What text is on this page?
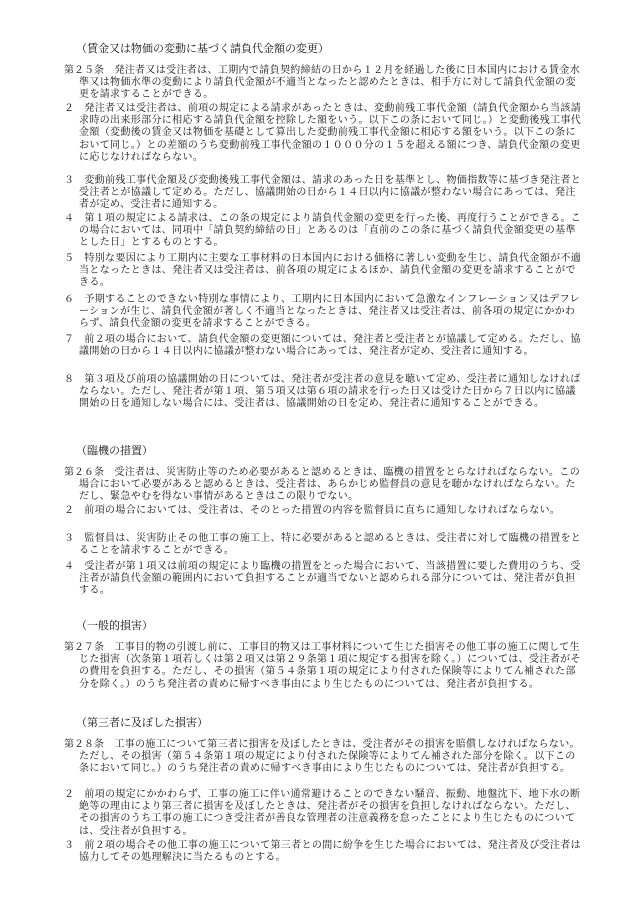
（賃金又は物価の変動に基づく請負代金額の変更）
第２５条　 発注者又は受注者は、工期内で請負契約締結の日から１２月を経過した後に日本国内における賃金水準又は物価水準の変動により請負代金額が不適当となったと認めたときは、相手方に対して請負代金額の変更を請求することができる。
２　 発注者又は受注者は、前項の規定による請求があったときは、変動前残工事代金額（請負代金額から当該請求時の出来形部分に相応する請負代金額を控除した額をいう。以下この条において同じ。）と変動後残工事代金額（変動後の賃金又は物価を基礎として算出した変動前残工事代金額に相応する額をいう。以下この条において同じ。）との差額のうち変動前残工事代金額の１０００分の１５を超える額につき、請負代金額の変更に応じなければならない。
３　 変動前残工事代金額及び変動後残工事代金額は、請求のあった日を基準とし、物価指数等に基づき発注者と受注者とが協議して定める。ただし、協議開始の日から１４日以内に協議が整わない場合にあっては、発注者が定め、受注者に通知する。
４　 第１項の規定による請求は、この条の規定により請負代金額の変更を行った後、再度行うことができる。この場合においては、同項中「請負契約締結の日」とあるのは「直前のこの条に基づく請負代金額変更の基準とした日」とするものとする。
５　 特別な要因により工期内に主要な工事材料の日本国内における価格に著しい変動を生じ、請負代金額が不適当となったときは、発注者又は受注者は、前各項の規定によるほか、請負代金額の変更を請求することができる。
６　 予期することのできない特別な事情により、工期内に日本国内において急激なインフレーション又はデフレーションが生じ、請負代金額が著しく不適当となったときは、発注者又は受注者は、前各項の規定にかかわらず、請負代金額の変更を請求することができる。
７　 前２項の場合において、請負代金額の変更額については、発注者と受注者とが協議して定める。ただし、協議開始の日から１４日以内に協議が整わない場合にあっては、発注者が定め、受注者に通知する。
８　 第３項及び前項の協議開始の日については、発注者が受注者の意見を聴いて定め、受注者に通知しなければならない。ただし、発注者が第１項、第５項又は第６項の請求を行った日又は受けた日から７日以内に協議開始の日を通知しない場合には、受注者は、協議開始の日を定め、発注者に通知することができる。
（臨機の措置）
第２６条　 受注者は、災害防止等のため必要があると認めるときは、臨機の措置をとらなければならない。この場合において必要があると認めるときは、受注者は、あらかじめ監督員の意見を聴かなければならない。ただし、緊急やむを得ない事情があるときはこの限りでない。
２　 前項の場合においては、受注者は、そのとった措置の内容を監督員に直ちに通知しなければならない。
３　 監督員は、災害防止その他工事の施工上、特に必要があると認めるときは、受注者に対して臨機の措置をとることを請求することができる。
４　 受注者が第１項又は前項の規定により臨機の措置をとった場合において、当該措置に要した費用のうち、受注者が請負代金額の範囲内において負担することが適当でないと認められる部分については、発注者が負担する。
（一般的損害）
第２７条　 工事目的物の引渡し前に、工事目的物又は工事材料について生じた損害その他工事の施工に関して生じた損害（次条第１項若しくは第２項又は第２９条第１項に規定する損害を除く。）については、受注者がその費用を負担する。ただし、その損害（第５４条第１項の規定により付された保険等によりてん補された部分を除く。）のうち発注者の責めに帰すべき事由により生じたものについては、発注者が負担する。
（第三者に及ぼした損害）
第２８条　 工事の施工について第三者に損害を及ぼしたときは、受注者がその損害を賠償しなければならない。ただし、その損害（第５４条第１項の規定により付された保険等によりてん補された部分を除く。以下この条において同じ。）のうち発注者の責めに帰すべき事由により生じたものについては、発注者が負担する。
２　 前項の規定にかかわらず、工事の施工に伴い通常避けることのできない騒音、振動、地盤沈下、地下水の断絶等の理由により第三者に損害を及ぼしたときは、発注者がその損害を負担しなければならない。ただし、その損害のうち工事の施工につき受注者が善良な管理者の注意義務を怠ったことにより生じたものについては、受注者が負担する。
３　 前２項の場合その他工事の施工について第三者との間に紛争を生じた場合においては、発注者及び受注者は協力してその処理解決に当たるものとする。
